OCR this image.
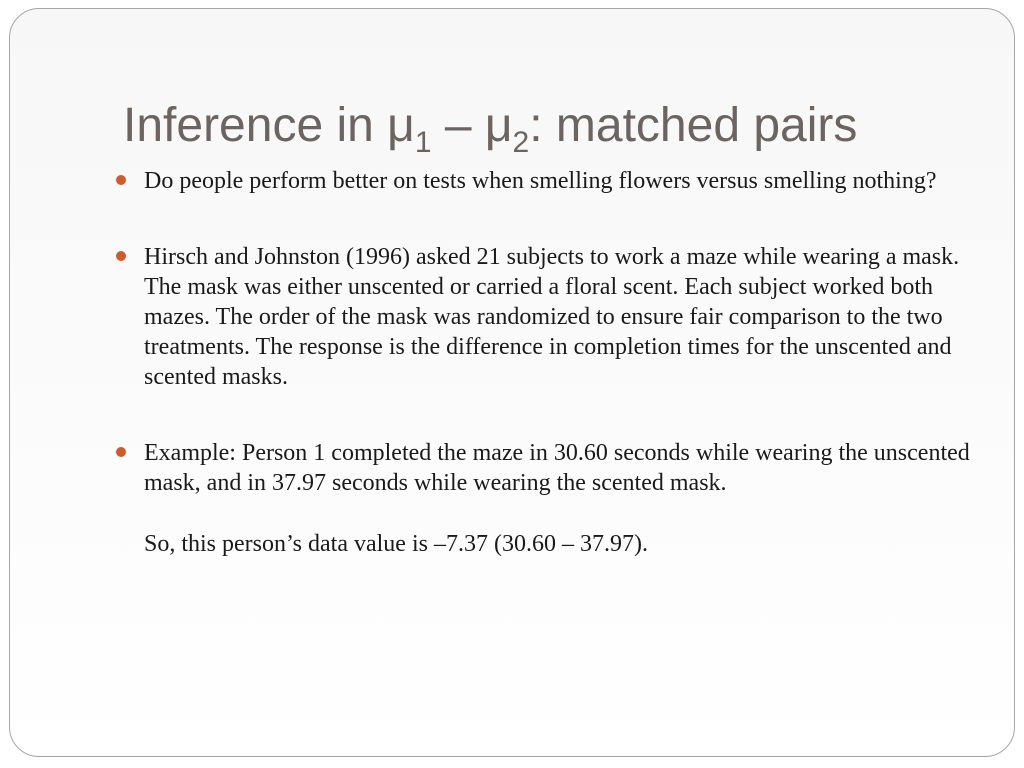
Inference in $\mu_1 - \mu_2$: matched pairs

Do people perform better on tests when smelling flowers versus smelling nothing?

Hirsch and Johnston (1996) asked 21 subjects to work a maze while wearing a mask. The mask was either unscented or carried a floral scent. Each subject worked both mazes. The order of the mask was randomized to ensure fair comparison to the two treatments. The response is the difference in completion times for the unscented and scented masks.

Example: Person 1 completed the maze in 30.60 seconds while wearing the unscented mask, and in 37.97 seconds while wearing the scented mask.

So, this person’s data value is –7.37 (30.60 – 37.97).
